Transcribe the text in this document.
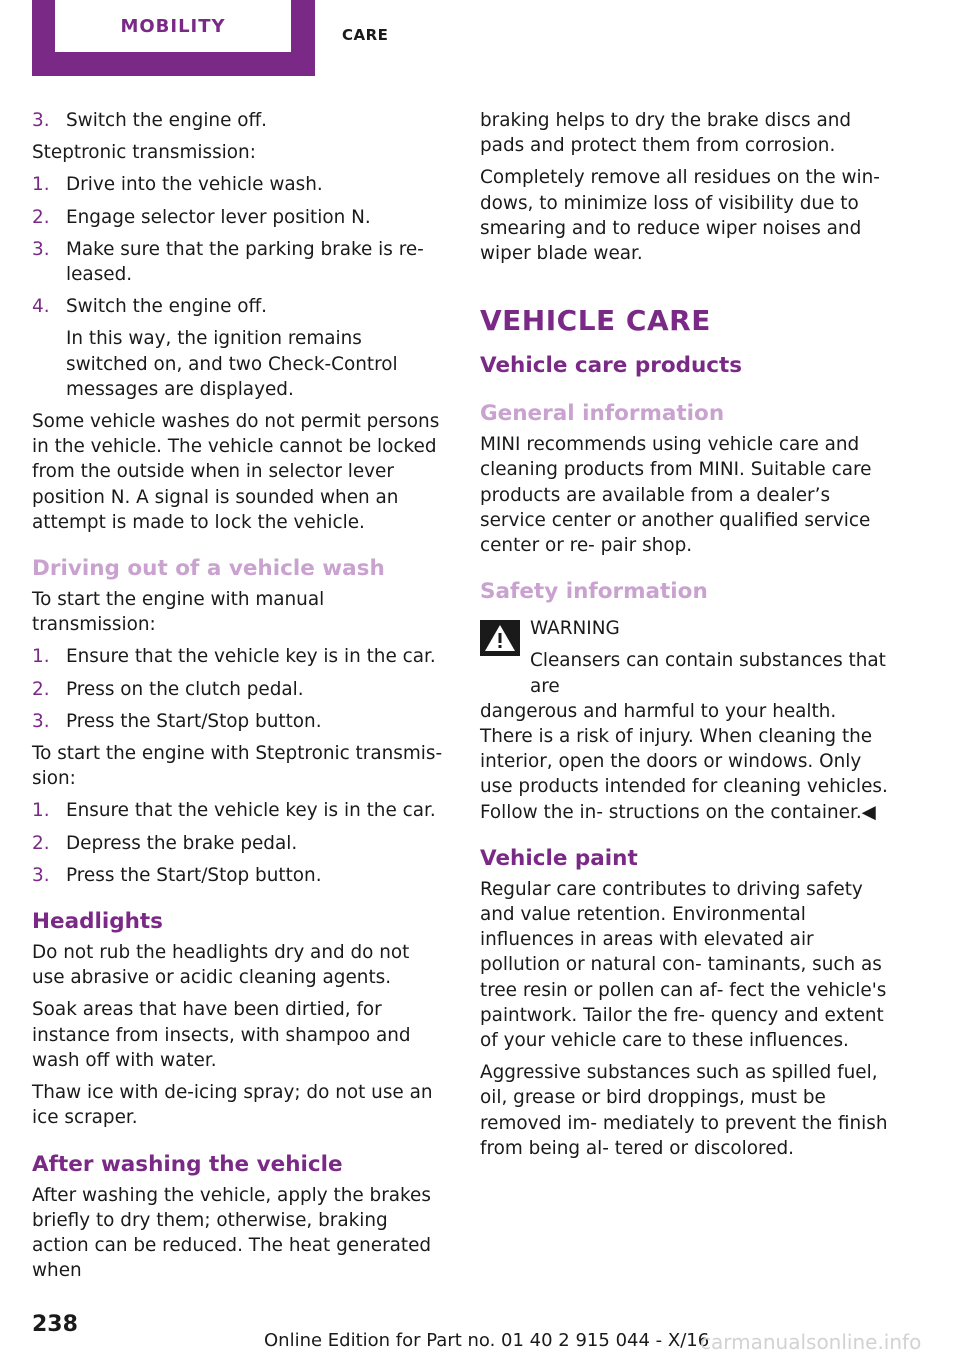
MOBILITY	CARE
3. Switch the engine off.

Steptronic transmission:

1. Drive into the vehicle wash.
2. Engage selector lever position N.
3. Make sure that the parking brake is re‐
leased.
4. Switch the engine off.
In this way, the ignition remains switched on, and two Check-Control messages are displayed.

Some vehicle washes do not permit persons in the vehicle. The vehicle cannot be locked from the outside when in selector lever position N. A signal is sounded when an attempt is made to lock the vehicle.

Driving out of a vehicle wash

To start the engine with manual transmission:

1. Ensure that the vehicle key is in the car.
2. Press on the clutch pedal.
3. Press the Start/Stop button.

To start the engine with Steptronic transmis‐ sion:

1. Ensure that the vehicle key is in the car.
2. Depress the brake pedal.
3. Press the Start/Stop button.
Headlights

Do not rub the headlights dry and do not use abrasive or acidic cleaning agents.

Soak areas that have been dirtied, for instance from insects, with shampoo and wash off with water.

Thaw ice with de-icing spray; do not use an ice scraper.

After washing the vehicle

After washing the vehicle, apply the brakes briefly to dry them; otherwise, braking action can be reduced. The heat generated when

braking helps to dry the brake discs and pads and protect them from corrosion.

Completely remove all residues on the win‐ dows, to minimize loss of visibility due to smearing and to reduce wiper noises and wiper blade wear.

VEHICLE CARE
Vehicle care products
General information

MINI recommends using vehicle care and cleaning products from MINI. Suitable care products are available from a dealer’s service center or another qualified service center or re‐ pair shop.

Safety information
WARNING

Cleansers can contain substances that are

dangerous and harmful to your health. There is a risk of injury. When cleaning the interior, open the doors or windows. Only use products intended for cleaning vehicles. Follow the in‐ structions on the container.◀

Vehicle paint

Regular care contributes to driving safety and value retention. Environmental influences in areas with elevated air pollution or natural con‐ taminants, such as tree resin or pollen can af‐ fect the vehicle's paintwork. Tailor the fre‐ quency and extent of your vehicle care to these influences.

Aggressive substances such as spilled fuel, oil, grease or bird droppings, must be removed im‐ mediately to prevent the finish from being al‐ tered or discolored.

238
Online Edition for Part no. 01 40 2 915 044 - X/16
carmanualsonline.info
